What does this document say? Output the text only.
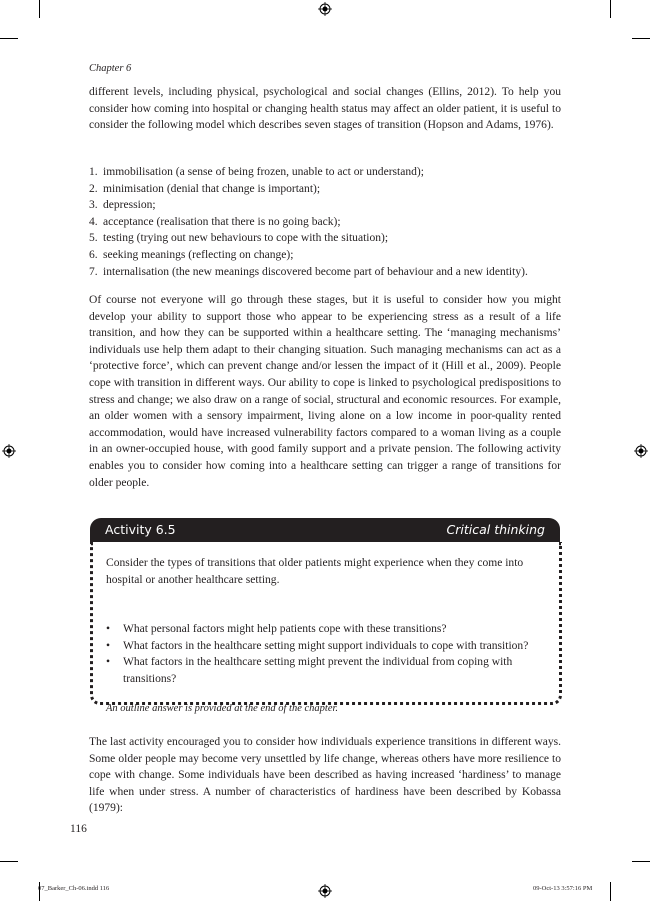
Chapter 6

different levels, including physical, psychological and social changes (Ellins, 2012). To help you consider how coming into hospital or changing health status may affect an older patient, it is useful to consider the following model which describes seven stages of transition (Hopson and Adams, 1976).

1. immobilisation (a sense of being frozen, unable to act or understand);
2. minimisation (denial that change is important);
3. depression;
4. acceptance (realisation that there is no going back);
5. testing (trying out new behaviours to cope with the situation);
6. seeking meanings (reflecting on change);
7. internalisation (the new meanings discovered become part of behaviour and a new identity).

Of course not everyone will go through these stages, but it is useful to consider how you might develop your ability to support those who appear to be experiencing stress as a result of a life transition, and how they can be supported within a healthcare setting. The ‘managing mechanisms’ individuals use help them adapt to their changing situation. Such managing mechanisms can act as a ‘protective force’, which can prevent change and/or lessen the impact of it (Hill et al., 2009). People cope with transition in different ways. Our ability to cope is linked to psychological predispositions to stress and change; we also draw on a range of social, structural and economic resources. For example, an older women with a sensory impairment, living alone on a low income in poor-quality rented accommodation, would have increased vulnerability factors compared to a woman living as a couple in an owner-occupied house, with good family support and a private pension. The following activity enables you to consider how coming into a healthcare setting can trigger a range of transitions for older people.

Activity 6.5	Critical thinking

Consider the types of transitions that older patients might experience when they come into hospital or another healthcare setting.

• What personal factors might help patients cope with these transitions?
• What factors in the healthcare setting might support individuals to cope with transition?
• What factors in the healthcare setting might prevent the individual from coping with transitions?

An outline answer is provided at the end of the chapter.

The last activity encouraged you to consider how individuals experience transitions in different ways. Some older people may become very unsettled by life change, whereas others have more resilience to cope with change. Some individuals have been described as having increased ‘hardiness’ to manage life when under stress. A number of characteristics of hardiness have been described by Kobassa (1979):

116
07_Barker_Ch-06.indd 116	09-Oct-13 3:57:16 PM
